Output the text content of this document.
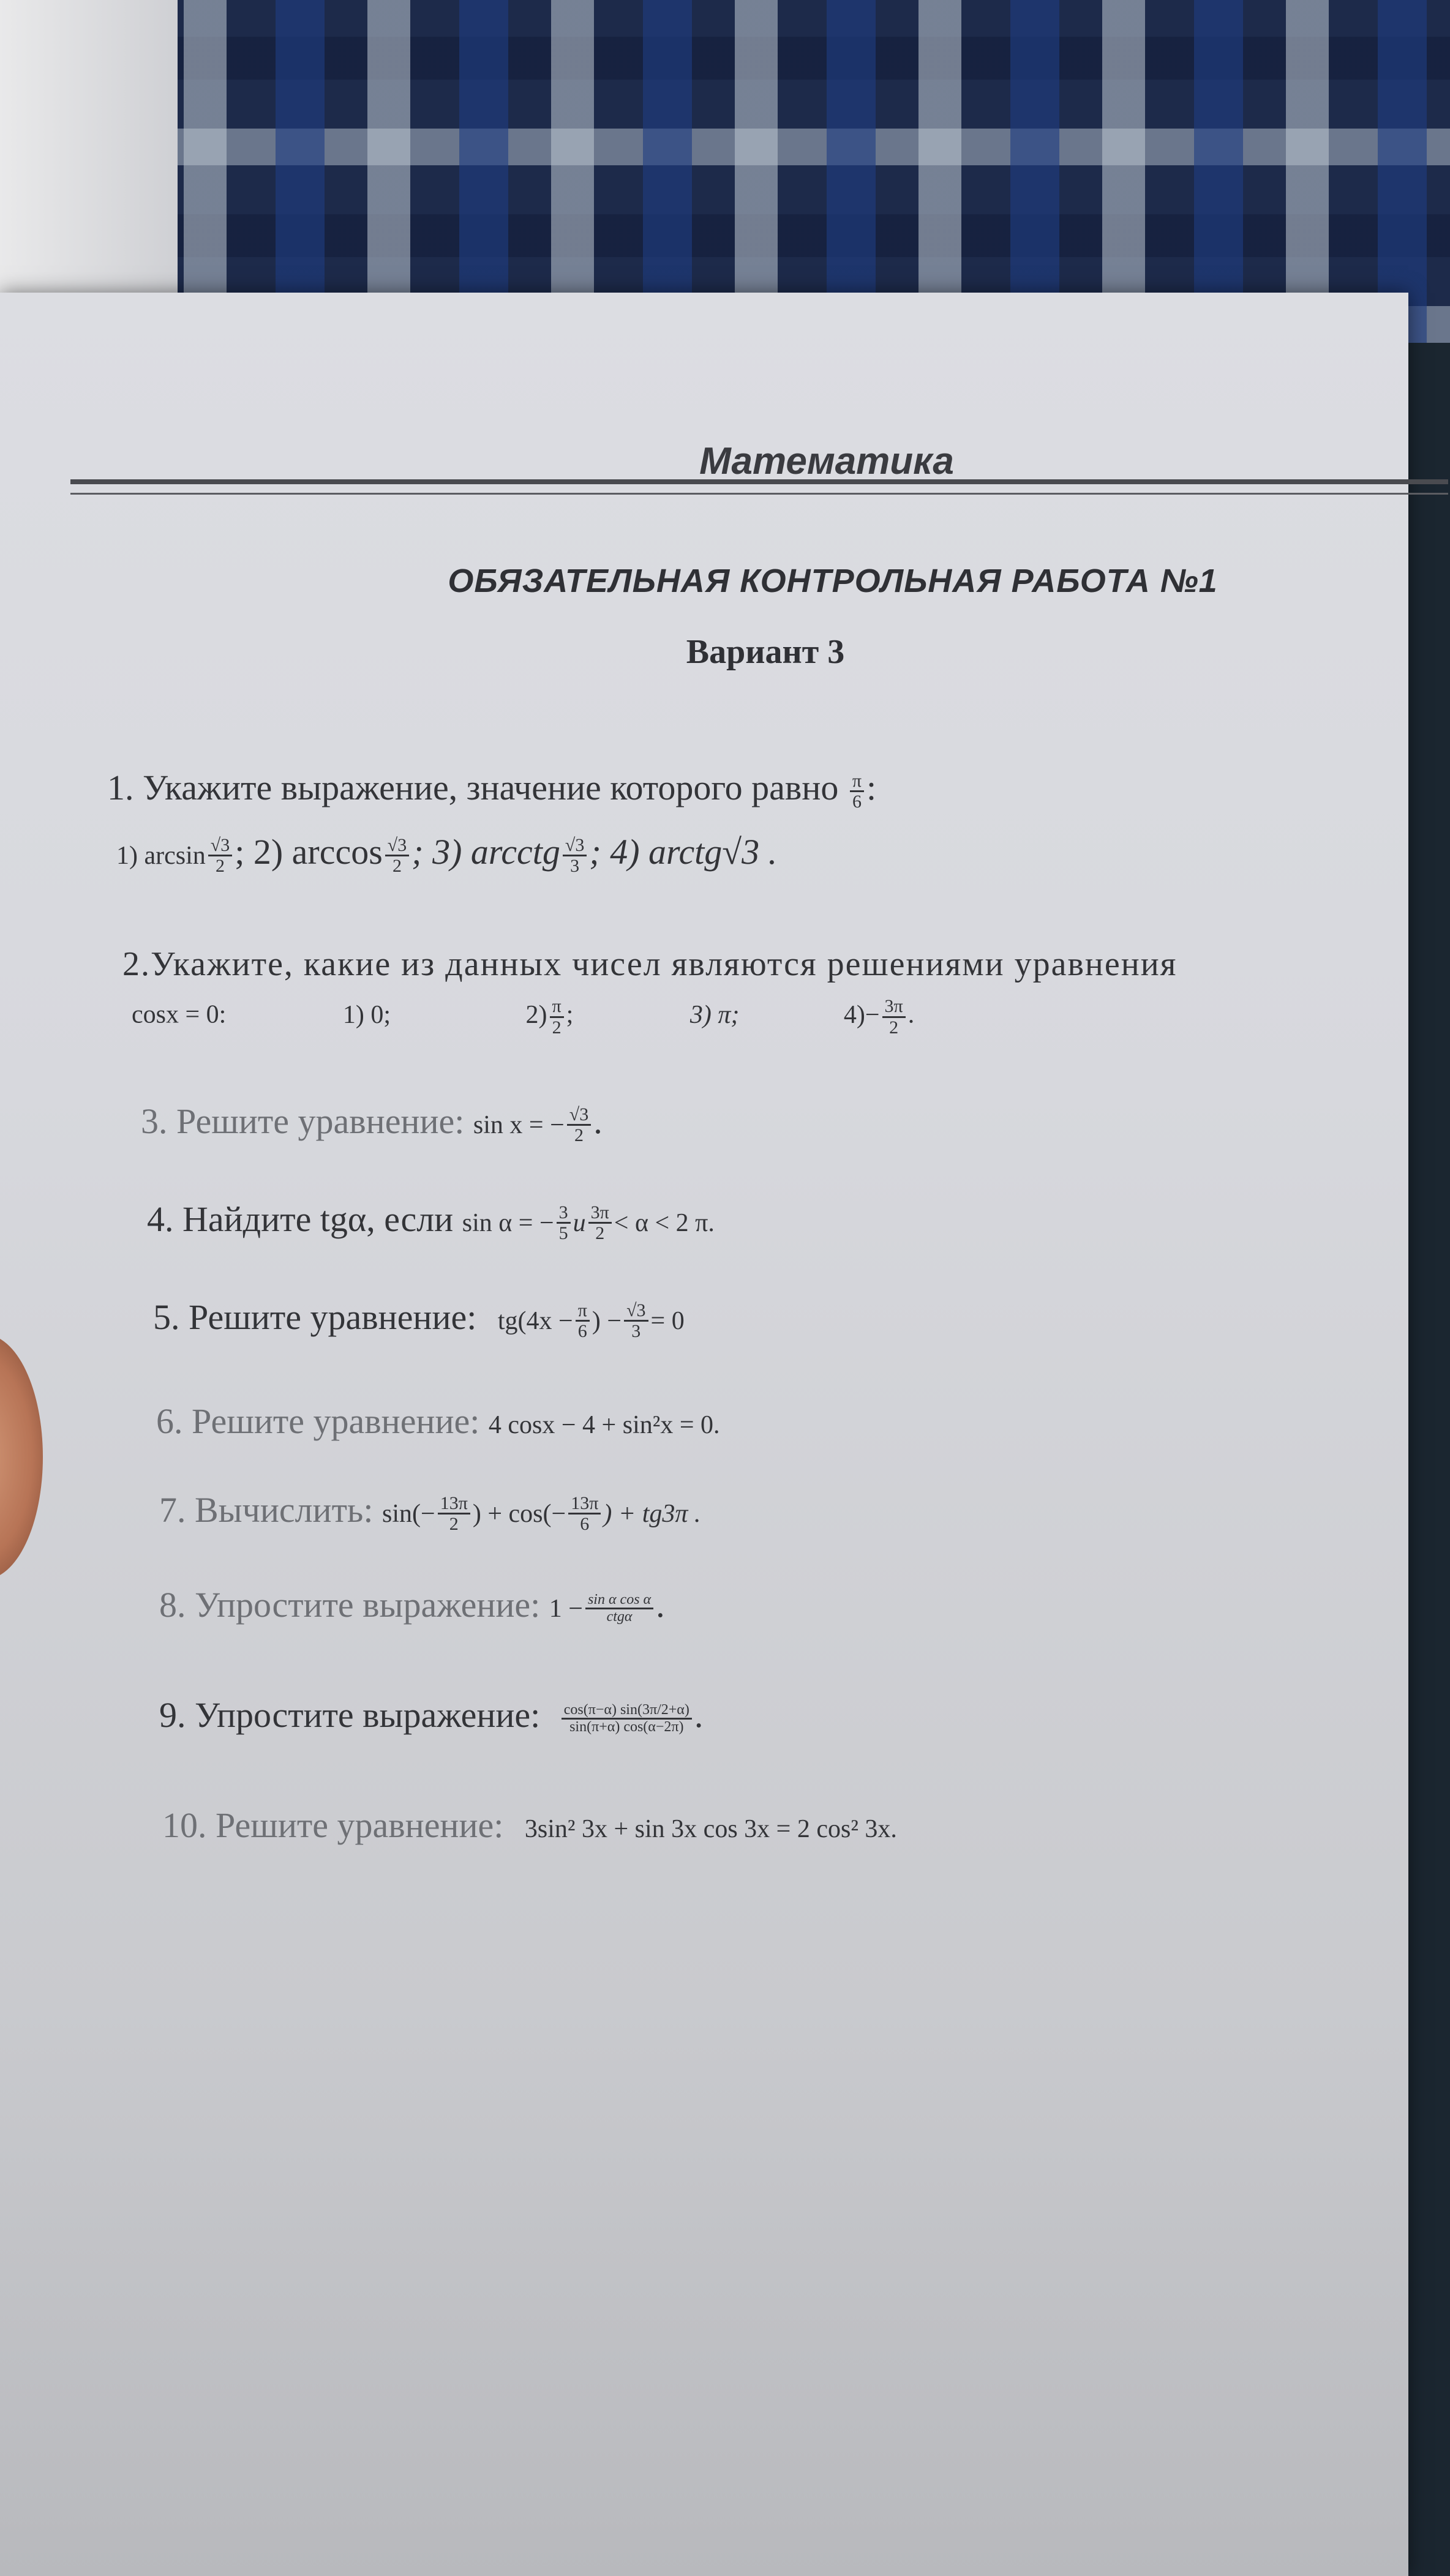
Математика
ОБЯЗАТЕЛЬНАЯ КОНТРОЛЬНАЯ РАБОТА №1
Вариант 3
1. Укажите выражение, значение которого равно $\frac{\pi}{6}$ :
1) $\arcsin \frac{√3}{2}$ ; 2) $\arccos \frac{√3}{2}$ ; 3) arcctg $\frac{√3}{3}$ ; 4) arctg√3 .
2.Укажите, какие из данных чисел являются решениями уравнения
cosx = 0:	1) 0;	$2) \frac{\pi}{2}$ ;	3) π;	$4)- \frac{3\pi}{2}$ .
3. Решите уравнение: sin x = − $\frac{√3}{2}$ .
4. Найдите tgα, если sin α = − $\frac{3}{5}$ и $\frac{3\pi}{2} < \alpha < 2$ π.
5. Решите уравнение: $tg(4x - \frac{\pi}{6}$ ) − $\frac{√3}{3} = 0$
6. Решите уравнение: 4 cosx − 4 + sin²x = 0.
7. Вычислить: $\sin(- \frac{13\pi}{2}$ ) + $\cos(- \frac{13\pi}{6}$ ) + tg3π .
8. Упростите выражение: $1 - \frac{\text{sin α cos α}}{\text{ctgα}}$ .
9. Упростите выражение: $\frac{\cos(\pi-\alpha) \sin(3\pi/2+\alpha)}{\sin(\pi+\alpha) \cos(\alpha-2\pi)}$ .
10. Решите уравнение: 3sin² 3x + sin 3x cos 3x = 2 cos² 3x.
